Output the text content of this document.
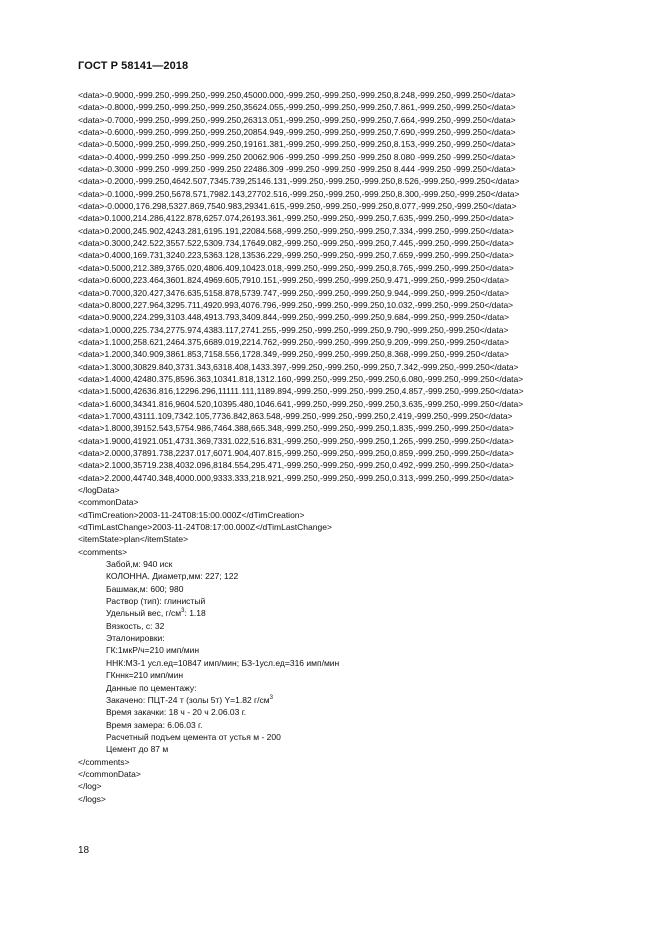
ГОСТ Р 58141—2018
<data>-0.9000,-999.250,-999.250,-999.250,45000.000,-999.250,-999.250,-999.250,8.248,-999.250,-999.250</data>
<data>-0.8000,-999.250,-999.250,-999.250,35624.055,-999.250,-999.250,-999.250,7.861,-999.250,-999.250</data>
<data>-0.7000,-999.250,-999.250,-999.250,26313.051,-999.250,-999.250,-999.250,7.664,-999.250,-999.250</data>
<data>-0.6000,-999.250,-999.250,-999.250,20854.949,-999.250,-999.250,-999.250,7.690,-999.250,-999.250</data>
<data>-0.5000,-999.250,-999.250,-999.250,19161.381,-999.250,-999.250,-999.250,8.153,-999.250,-999.250</data>
<data>-0.4000,-999.250 -999.250 -999.250 20062.906 -999.250 -999.250 -999.250 8.080 -999.250 -999.250</data>
<data>-0.3000 -999.250 -999.250 -999.250 22486.309 -999.250 -999.250 -999.250 8.444 -999.250 -999.250</data>
<data>-0.2000,-999.250,4642.507,7345.739,25146.131,-999.250,-999.250,-999.250,8.526,-999.250,-999.250</data>
<data>-0.1000,-999.250,5678.571,7982.143,27702.516,-999.250,-999.250,-999.250,8.300,-999.250,-999.250</data>
<data>-0.0000,176.298,5327.869,7540.983,29341.615,-999.250,-999.250,-999.250,8.077,-999.250,-999.250</data>
<data>0.1000,214.286,4122.878,6257.074,26193.361,-999.250,-999.250,-999.250,7.635,-999.250,-999.250</data>
<data>0.2000,245.902,4243.281,6195.191,22084.568,-999.250,-999.250,-999.250,7.334,-999.250,-999.250</data>
<data>0.3000,242.522,3557.522,5309.734,17649.082,-999.250,-999.250,-999.250,7.445,-999.250,-999.250</data>
<data>0.4000,169.731,3240.223,5363.128,13536.229,-999.250,-999.250,-999.250,7.659,-999.250,-999.250</data>
<data>0.5000,212.389,3765.020,4806.409,10423.018,-999.250,-999.250,-999.250,8.765,-999.250,-999.250</data>
<data>0.6000,223.464,3601.824,4969.605,7910.151,-999.250,-999.250,-999.250,9.471,-999.250,-999.250</data>
<data>0.7000,320.427,3476.635,5158.878,5739.747,-999.250,-999.250,-999.250,9.944,-999.250,-999.250</data>
<data>0.8000,227.964,3295.711,4920.993,4076.796,-999.250,-999.250,-999.250,10.032,-999.250,-999.250</data>
<data>0.9000,224.299,3103.448,4913.793,3409.844,-999.250,-999.250,-999.250,9.684,-999.250,-999.250</data>
<data>1.0000,225.734,2775.974,4383.117,2741.255,-999.250,-999.250,-999.250,9.790,-999.250,-999.250</data>
<data>1.1000,258.621,2464.375,6689.019,2214.762,-999.250,-999.250,-999.250,9.209,-999.250,-999.250</data>
<data>1.2000,340.909,3861.853,7158.556,1728.349,-999.250,-999.250,-999.250,8.368,-999.250,-999.250</data>
<data>1.3000,30829.840,3731.343,6318.408,1433.397,-999.250,-999.250,-999.250,7.342,-999.250,-999.250</data>
<data>1.4000,42480.375,8596.363,10341.818,1312.160,-999.250,-999.250,-999.250,6.080,-999.250,-999.250</data>
<data>1.5000,42636.816,12296.296,11111.111,1189.894,-999.250,-999.250,-999.250,4.857,-999.250,-999.250</data>
<data>1.6000,34341.816,9604.520,10395.480,1046.641,-999.250,-999.250,-999.250,3.635,-999.250,-999.250</data>
<data>1.7000,43111.109,7342.105,7736.842,863.548,-999.250,-999.250,-999.250,2.419,-999.250,-999.250</data>
<data>1.8000,39152.543,5754.986,7464.388,665.348,-999.250,-999.250,-999.250,1.835,-999.250,-999.250</data>
<data>1.9000,41921.051,4731.369,7331.022,516.831,-999.250,-999.250,-999.250,1.265,-999.250,-999.250</data>
<data>2.0000,37891.738,2237.017,6071.904,407.815,-999.250,-999.250,-999.250,0.859,-999.250,-999.250</data>
<data>2.1000,35719.238,4032.096,8184.554,295.471,-999.250,-999.250,-999.250,0.492,-999.250,-999.250</data>
<data>2.2000,44740.348,4000.000,9333.333,218.921,-999.250,-999.250,-999.250,0.313,-999.250,-999.250</data>
</logData>
<commonData>
<dTimCreation>2003-11-24T08:15:00.000Z</dTimCreation>
<dTimLastChange>2003-11-24T08:17:00.000Z</dTimLastChange>
<itemState>plan</itemState>
<comments>
Забой,м: 940 иск
КОЛОННА. Диаметр,мм: 227; 122
Башмак,м: 600; 980
Раствор (тип): глинистый
Удельный вес, $г/см^3$: 1.18
Вязкость, с: 32
Эталонировки:
ГК:1мкР/ч=210 имп/мин
ННК:МЗ-1 усл.ед=10847 имп/мин; БЗ-1усл.ед=316 имп/мин
ГКннк=210 имп/мин
Данные по цементажу:
Закачено: ПЦТ-24 т (золы 5т) Y=1.82 $г/см^3$
Время закачки: 18 ч - 20 ч 2.06.03 г.
Время замера: 6.06.03 г.
Расчетный подъем цемента от устья м - 200
Цемент до 87 м
</comments>
</commonData>
</log>
</logs>
18
